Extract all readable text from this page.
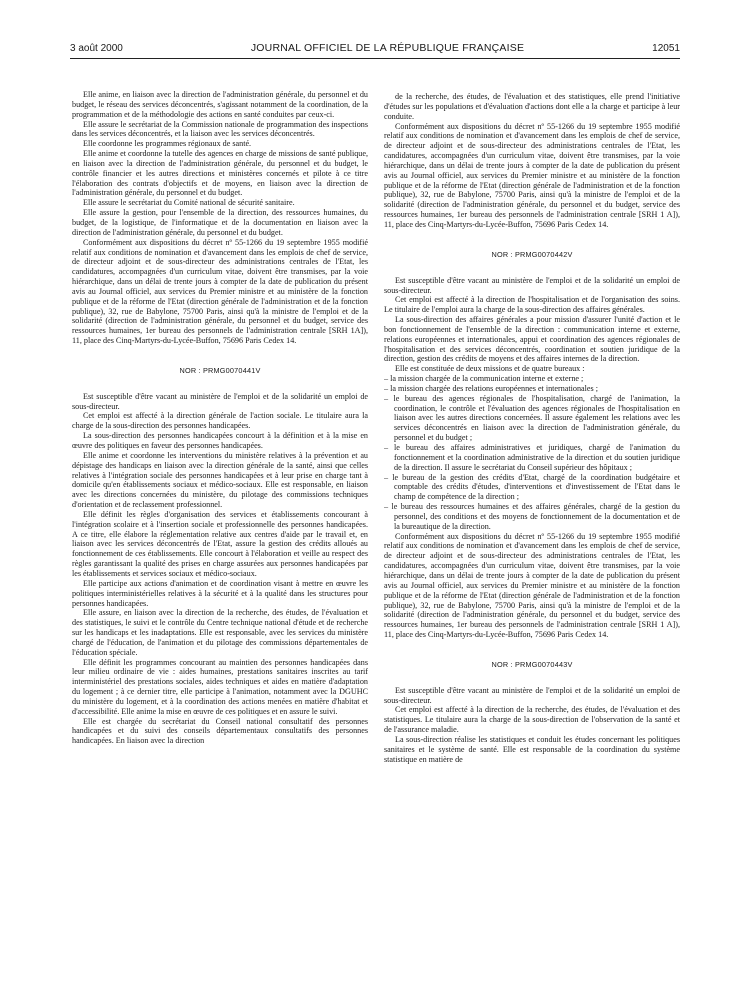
3 août 2000	JOURNAL OFFICIEL DE LA RÉPUBLIQUE FRANÇAISE	12051

Elle anime, en liaison avec la direction de l'administration générale, du personnel et du budget, le réseau des services déconcentrés, s'agissant notamment de la coordination, de la programmation et de la méthodologie des actions en santé conduites par ceux-ci.

Elle assure le secrétariat de la Commission nationale de programmation des inspections dans les services déconcentrés, et la liaison avec les services déconcentrés.

Elle coordonne les programmes régionaux de santé.

Elle anime et coordonne la tutelle des agences en charge de missions de santé publique, en liaison avec la direction de l'administration générale, du personnel et du budget, le contrôle financier et les autres directions et ministères concernés et pilote à ce titre l'élaboration des contrats d'objectifs et de moyens, en liaison avec la direction de l'administration générale, du personnel et du budget.

Elle assure le secrétariat du Comité national de sécurité sanitaire.

Elle assure la gestion, pour l'ensemble de la direction, des ressources humaines, du budget, de la logistique, de l'informatique et de la documentation en liaison avec la direction de l'administration générale, du personnel et du budget.

Conformément aux dispositions du décret nº 55-1266 du 19 septembre 1955 modifié relatif aux conditions de nomination et d'avancement dans les emplois de chef de service, de directeur adjoint et de sous-directeur des administrations centrales de l'Etat, les candidatures, accompagnées d'un curriculum vitae, doivent être transmises, par la voie hiérarchique, dans un délai de trente jours à compter de la date de publication du présent avis au Journal officiel, aux services du Premier ministre et au ministère de la fonction publique et de la réforme de l'Etat (direction générale de l'administration et de la fonction publique), 32, rue de Babylone, 75700 Paris, ainsi qu'à la ministre de l'emploi et de la solidarité (direction de l'administration générale, du personnel et du budget, service des ressources humaines, 1er bureau des personnels de l'administration centrale [SRH 1A]), 11, place des Cinq-Martyrs-du-Lycée-Buffon, 75696 Paris Cedex 14.

NOR : PRMG0070441V

Est susceptible d'être vacant au ministère de l'emploi et de la solidarité un emploi de sous-directeur.

Cet emploi est affecté à la direction générale de l'action sociale. Le titulaire aura la charge de la sous-direction des personnes handicapées.

La sous-direction des personnes handicapées concourt à la définition et à la mise en œuvre des politiques en faveur des personnes handicapées.

Elle anime et coordonne les interventions du ministère relatives à la prévention et au dépistage des handicaps en liaison avec la direction générale de la santé, ainsi que celles relatives à l'intégration sociale des personnes handicapées et à leur prise en charge tant à domicile qu'en établissements sociaux et médico-sociaux. Elle est responsable, en liaison avec les directions concernées du ministère, du pilotage des commissions techniques d'orientation et de reclassement professionnel.

Elle définit les règles d'organisation des services et établissements concourant à l'intégration scolaire et à l'insertion sociale et professionnelle des personnes handicapées. A ce titre, elle élabore la réglementation relative aux centres d'aide par le travail et, en liaison avec les services déconcentrés de l'Etat, assure la gestion des crédits alloués au fonctionnement de ces établissements. Elle concourt à l'élaboration et veille au respect des règles garantissant la qualité des prises en charge assurées aux personnes handicapées par les établissements et services sociaux et médico-sociaux.

Elle participe aux actions d'animation et de coordination visant à mettre en œuvre les politiques interministérielles relatives à la sécurité et à la qualité dans les structures pour personnes handicapées.

Elle assure, en liaison avec la direction de la recherche, des études, de l'évaluation et des statistiques, le suivi et le contrôle du Centre technique national d'étude et de recherche sur les handicaps et les inadaptations. Elle est responsable, avec les services du ministère chargé de l'éducation, de l'animation et du pilotage des commissions départementales de l'éducation spéciale.

Elle définit les programmes concourant au maintien des personnes handicapées dans leur milieu ordinaire de vie : aides humaines, prestations sanitaires inscrites au tarif interministériel des prestations sociales, aides techniques et aides en matière d'adaptation du logement ; à ce dernier titre, elle participe à l'animation, notamment avec la DGUHC du ministère du logement, et à la coordination des actions menées en matière d'habitat et d'accessibilité. Elle anime la mise en œuvre de ces politiques et en assure le suivi.

Elle est chargée du secrétariat du Conseil national consultatif des personnes handicapées et du suivi des conseils départementaux consultatifs des personnes handicapées. En liaison avec la direction

de la recherche, des études, de l'évaluation et des statistiques, elle prend l'initiative d'études sur les populations et d'évaluation d'actions dont elle a la charge et participe à leur conduite.

Conformément aux dispositions du décret nº 55-1266 du 19 septembre 1955 modifié relatif aux conditions de nomination et d'avancement dans les emplois de chef de service, de directeur adjoint et de sous-directeur des administrations centrales de l'Etat, les candidatures, accompagnées d'un curriculum vitae, doivent être transmises, par la voie hiérarchique, dans un délai de trente jours à compter de la date de publication du présent avis au Journal officiel, aux services du Premier ministre et au ministère de la fonction publique et de la réforme de l'Etat (direction générale de l'administration et de la fonction publique), 32, rue de Babylone, 75700 Paris, ainsi qu'à la ministre de l'emploi et de la solidarité (direction de l'administration générale, du personnel et du budget, service des ressources humaines, 1er bureau des personnels de l'administration centrale [SRH 1 A]), 11, place des Cinq-Martyrs-du-Lycée-Buffon, 75696 Paris Cedex 14.

NOR : PRMG0070442V

Est susceptible d'être vacant au ministère de l'emploi et de la solidarité un emploi de sous-directeur.

Cet emploi est affecté à la direction de l'hospitalisation et de l'organisation des soins. Le titulaire de l'emploi aura la charge de la sous-direction des affaires générales.

La sous-direction des affaires générales a pour mission d'assurer l'unité d'action et le bon fonctionnement de l'ensemble de la direction : communication interne et externe, relations européennes et internationales, appui et coordination des agences régionales de l'hospitalisation et des services déconcentrés, coordination et soutien juridique de la direction, gestion des crédits de moyens et des affaires internes de la direction.

Elle est constituée de deux missions et de quatre bureaux :

– la mission chargée de la communication interne et externe ;
– la mission chargée des relations européennes et internationales ;
– le bureau des agences régionales de l'hospitalisation, chargé de l'animation, la coordination, le contrôle et l'évaluation des agences régionales de l'hospitalisation en liaison avec les autres directions concernées. Il assure également les relations avec les services déconcentrés en liaison avec la direction de l'administration générale, du personnel et du budget ;
– le bureau des affaires administratives et juridiques, chargé de l'animation du fonctionnement et la coordination administrative de la direction et du soutien juridique de la direction. Il assure le secrétariat du Conseil supérieur des hôpitaux ;
– le bureau de la gestion des crédits d'Etat, chargé de la coordination budgétaire et comptable des crédits d'études, d'interventions et d'investissement de l'Etat dans le champ de compétence de la direction ;
– le bureau des ressources humaines et des affaires générales, chargé de la gestion du personnel, des conditions et des moyens de fonctionnement de la documentation et de la bureautique de la direction.

Conformément aux dispositions du décret nº 55-1266 du 19 septembre 1955 modifié relatif aux conditions de nomination et d'avancement dans les emplois de chef de service, de directeur adjoint et de sous-directeur des administrations centrales de l'Etat, les candidatures, accompagnées d'un curriculum vitae, doivent être transmises, par la voie hiérarchique, dans un délai de trente jours à compter de la date de publication du présent avis au Journal officiel, aux services du Premier ministre et au ministère de la fonction publique et de la réforme de l'Etat (direction générale de l'administration et de la fonction publique), 32, rue de Babylone, 75700 Paris, ainsi qu'à la ministre de l'emploi et de la solidarité (direction de l'administration générale, du personnel et du budget, service des ressources humaines, 1er bureau des personnels de l'administration centrale [SRH 1 A]), 11, place des Cinq-Martyrs-du-Lycée-Buffon, 75696 Paris Cedex 14.

NOR : PRMG0070443V

Est susceptible d'être vacant au ministère de l'emploi et de la solidarité un emploi de sous-directeur.

Cet emploi est affecté à la direction de la recherche, des études, de l'évaluation et des statistiques. Le titulaire aura la charge de la sous-direction de l'observation de la santé et de l'assurance maladie.

La sous-direction réalise les statistiques et conduit les études concernant les politiques sanitaires et le système de santé. Elle est responsable de la coordination du système statistique en matière de
